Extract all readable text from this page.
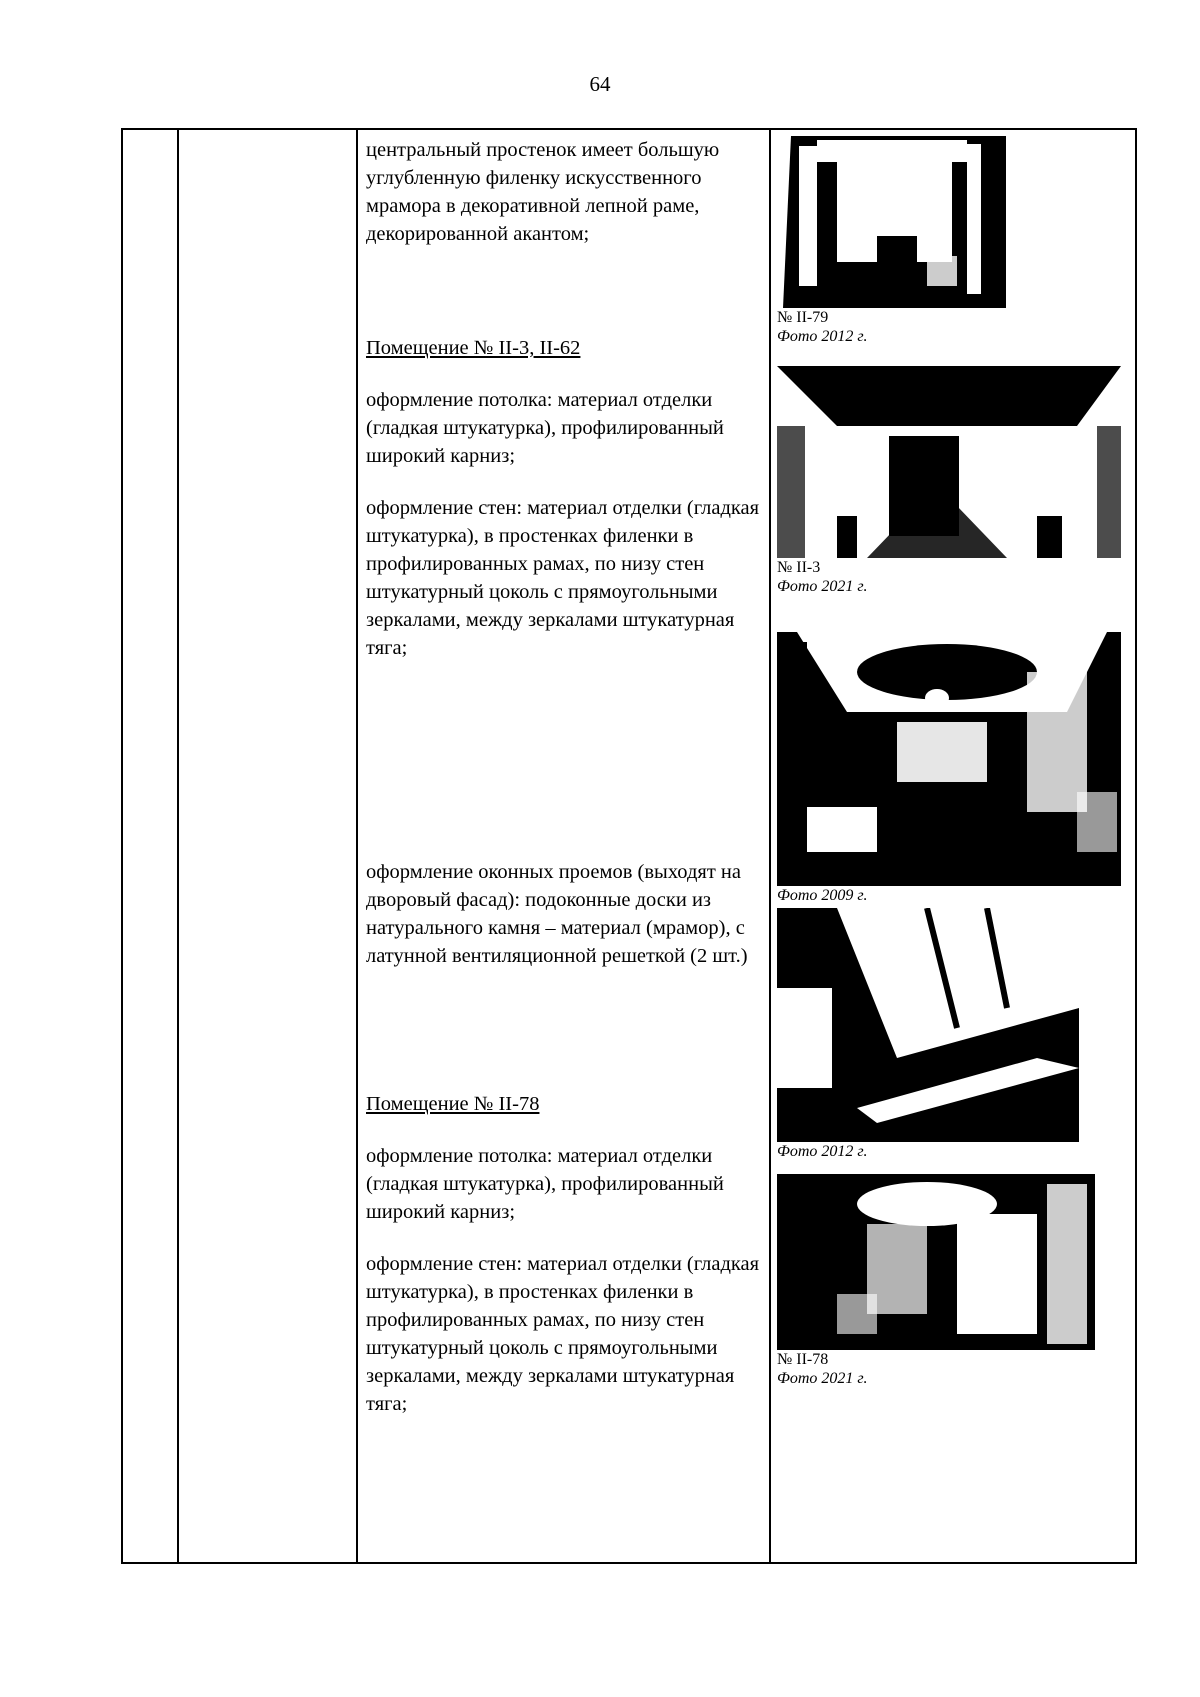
64

центральный простенок имеет большую углубленную филенку искусственного мрамора в декоративной лепной раме, декорированной акантом;

Помещение № II-3, II-62

оформление потолка: материал отделки (гладкая штукатурка), профилированный широкий карниз;

оформление стен: материал отделки (гладкая штукатурка), в простенках филенки в профилированных рамах, по низу стен штукатурный цоколь с прямоугольными зеркалами, между зеркалами штукатурная тяга;

оформление оконных проемов (выходят на дворовый фасад): подоконные доски из натурального камня – материал (мрамор), с латунной вентиляционной решеткой (2 шт.)

Помещение № II-78

оформление потолка: материал отделки (гладкая штукатурка), профилированный широкий карниз;

оформление стен: материал отделки (гладкая штукатурка), в простенках филенки в профилированных рамах, по низу стен штукатурный цоколь с прямоугольными зеркалами, между зеркалами штукатурная тяга;

№ II-79

Фото 2012 г.

№ II-3

Фото 2021 г.

Фото 2009 г.

Фото 2012 г.

№ II-78

Фото 2021 г.
